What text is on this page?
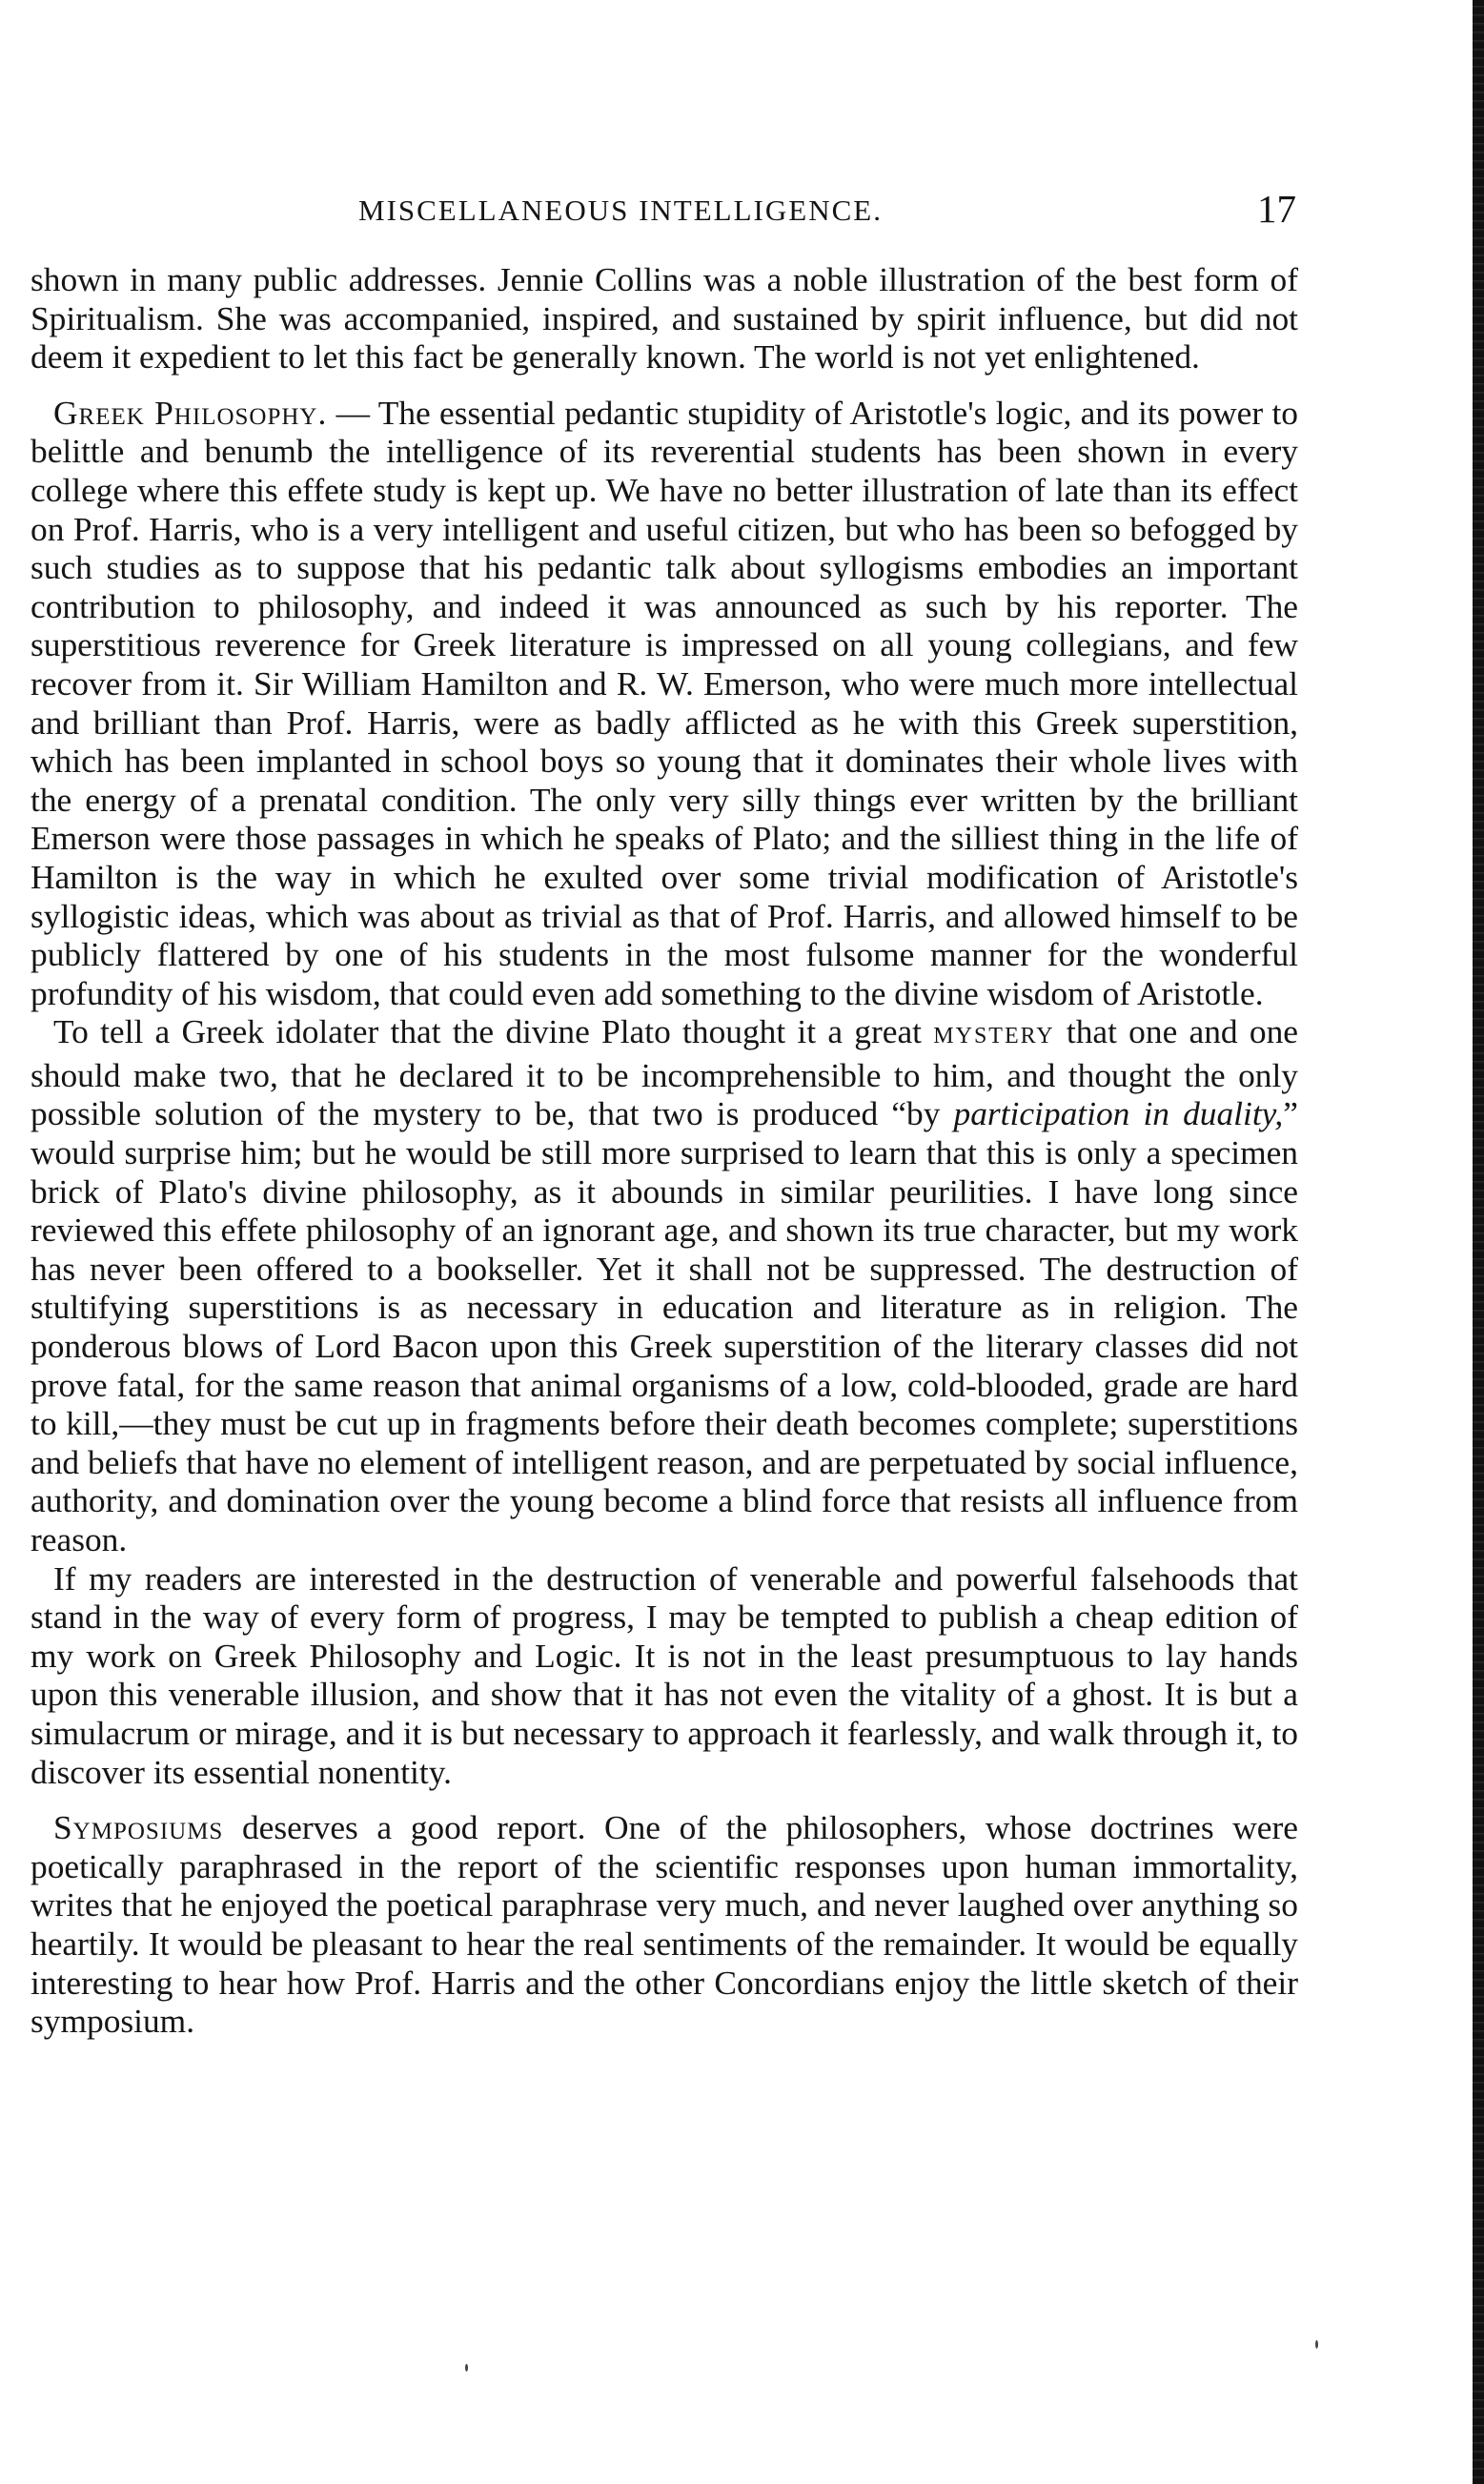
MISCELLANEOUS INTELLIGENCE.	17

shown in many public addresses. Jennie Collins was a noble illustration of the best form of Spiritualism. She was accompanied, inspired, and sustained by spirit influence, but did not deem it expedient to let this fact be generally known. The world is not yet enlightened.

Greek Philosophy. — The essential pedantic stupidity of Aristotle's logic, and its power to belittle and benumb the intelligence of its reverential students has been shown in every college where this effete study is kept up. We have no better illustration of late than its effect on Prof. Harris, who is a very intelligent and useful citizen, but who has been so befogged by such studies as to suppose that his pedantic talk about syllogisms embodies an important contribution to philosophy, and indeed it was announced as such by his reporter. The superstitious reverence for Greek literature is impressed on all young collegians, and few recover from it. Sir William Hamilton and R. W. Emerson, who were much more intellectual and brilliant than Prof. Harris, were as badly afflicted as he with this Greek superstition, which has been implanted in school boys so young that it dominates their whole lives with the energy of a prenatal condition. The only very silly things ever written by the brilliant Emerson were those passages in which he speaks of Plato; and the silliest thing in the life of Hamilton is the way in which he exulted over some trivial modification of Aristotle's syllogistic ideas, which was about as trivial as that of Prof. Harris, and allowed himself to be publicly flattered by one of his students in the most fulsome manner for the wonderful profundity of his wisdom, that could even add something to the divine wisdom of Aristotle.

To tell a Greek idolater that the divine Plato thought it a great MYSTERY that one and one should make two, that he declared it to be incomprehensible to him, and thought the only possible solution of the mystery to be, that two is produced “by participation in duality,” would surprise him; but he would be still more surprised to learn that this is only a specimen brick of Plato's divine philosophy, as it abounds in similar peurilities. I have long since reviewed this effete philosophy of an ignorant age, and shown its true character, but my work has never been offered to a bookseller. Yet it shall not be suppressed. The destruction of stultifying superstitions is as necessary in education and literature as in religion. The ponderous blows of Lord Bacon upon this Greek superstition of the literary classes did not prove fatal, for the same reason that animal organisms of a low, cold-blooded, grade are hard to kill,—they must be cut up in fragments before their death becomes complete; superstitions and beliefs that have no element of intelligent reason, and are perpetuated by social influence, authority, and domination over the young become a blind force that resists all influence from reason.

If my readers are interested in the destruction of venerable and powerful falsehoods that stand in the way of every form of progress, I may be tempted to publish a cheap edition of my work on Greek Philosophy and Logic. It is not in the least presumptuous to lay hands upon this venerable illusion, and show that it has not even the vitality of a ghost. It is but a simulacrum or mirage, and it is but necessary to approach it fearlessly, and walk through it, to discover its essential nonentity.

Symposiums deserves a good report. One of the philosophers, whose doctrines were poetically paraphrased in the report of the scientific responses upon human immortality, writes that he enjoyed the poetical paraphrase very much, and never laughed over anything so heartily. It would be pleasant to hear the real sentiments of the remainder. It would be equally interesting to hear how Prof. Harris and the other Concordians enjoy the little sketch of their symposium.
